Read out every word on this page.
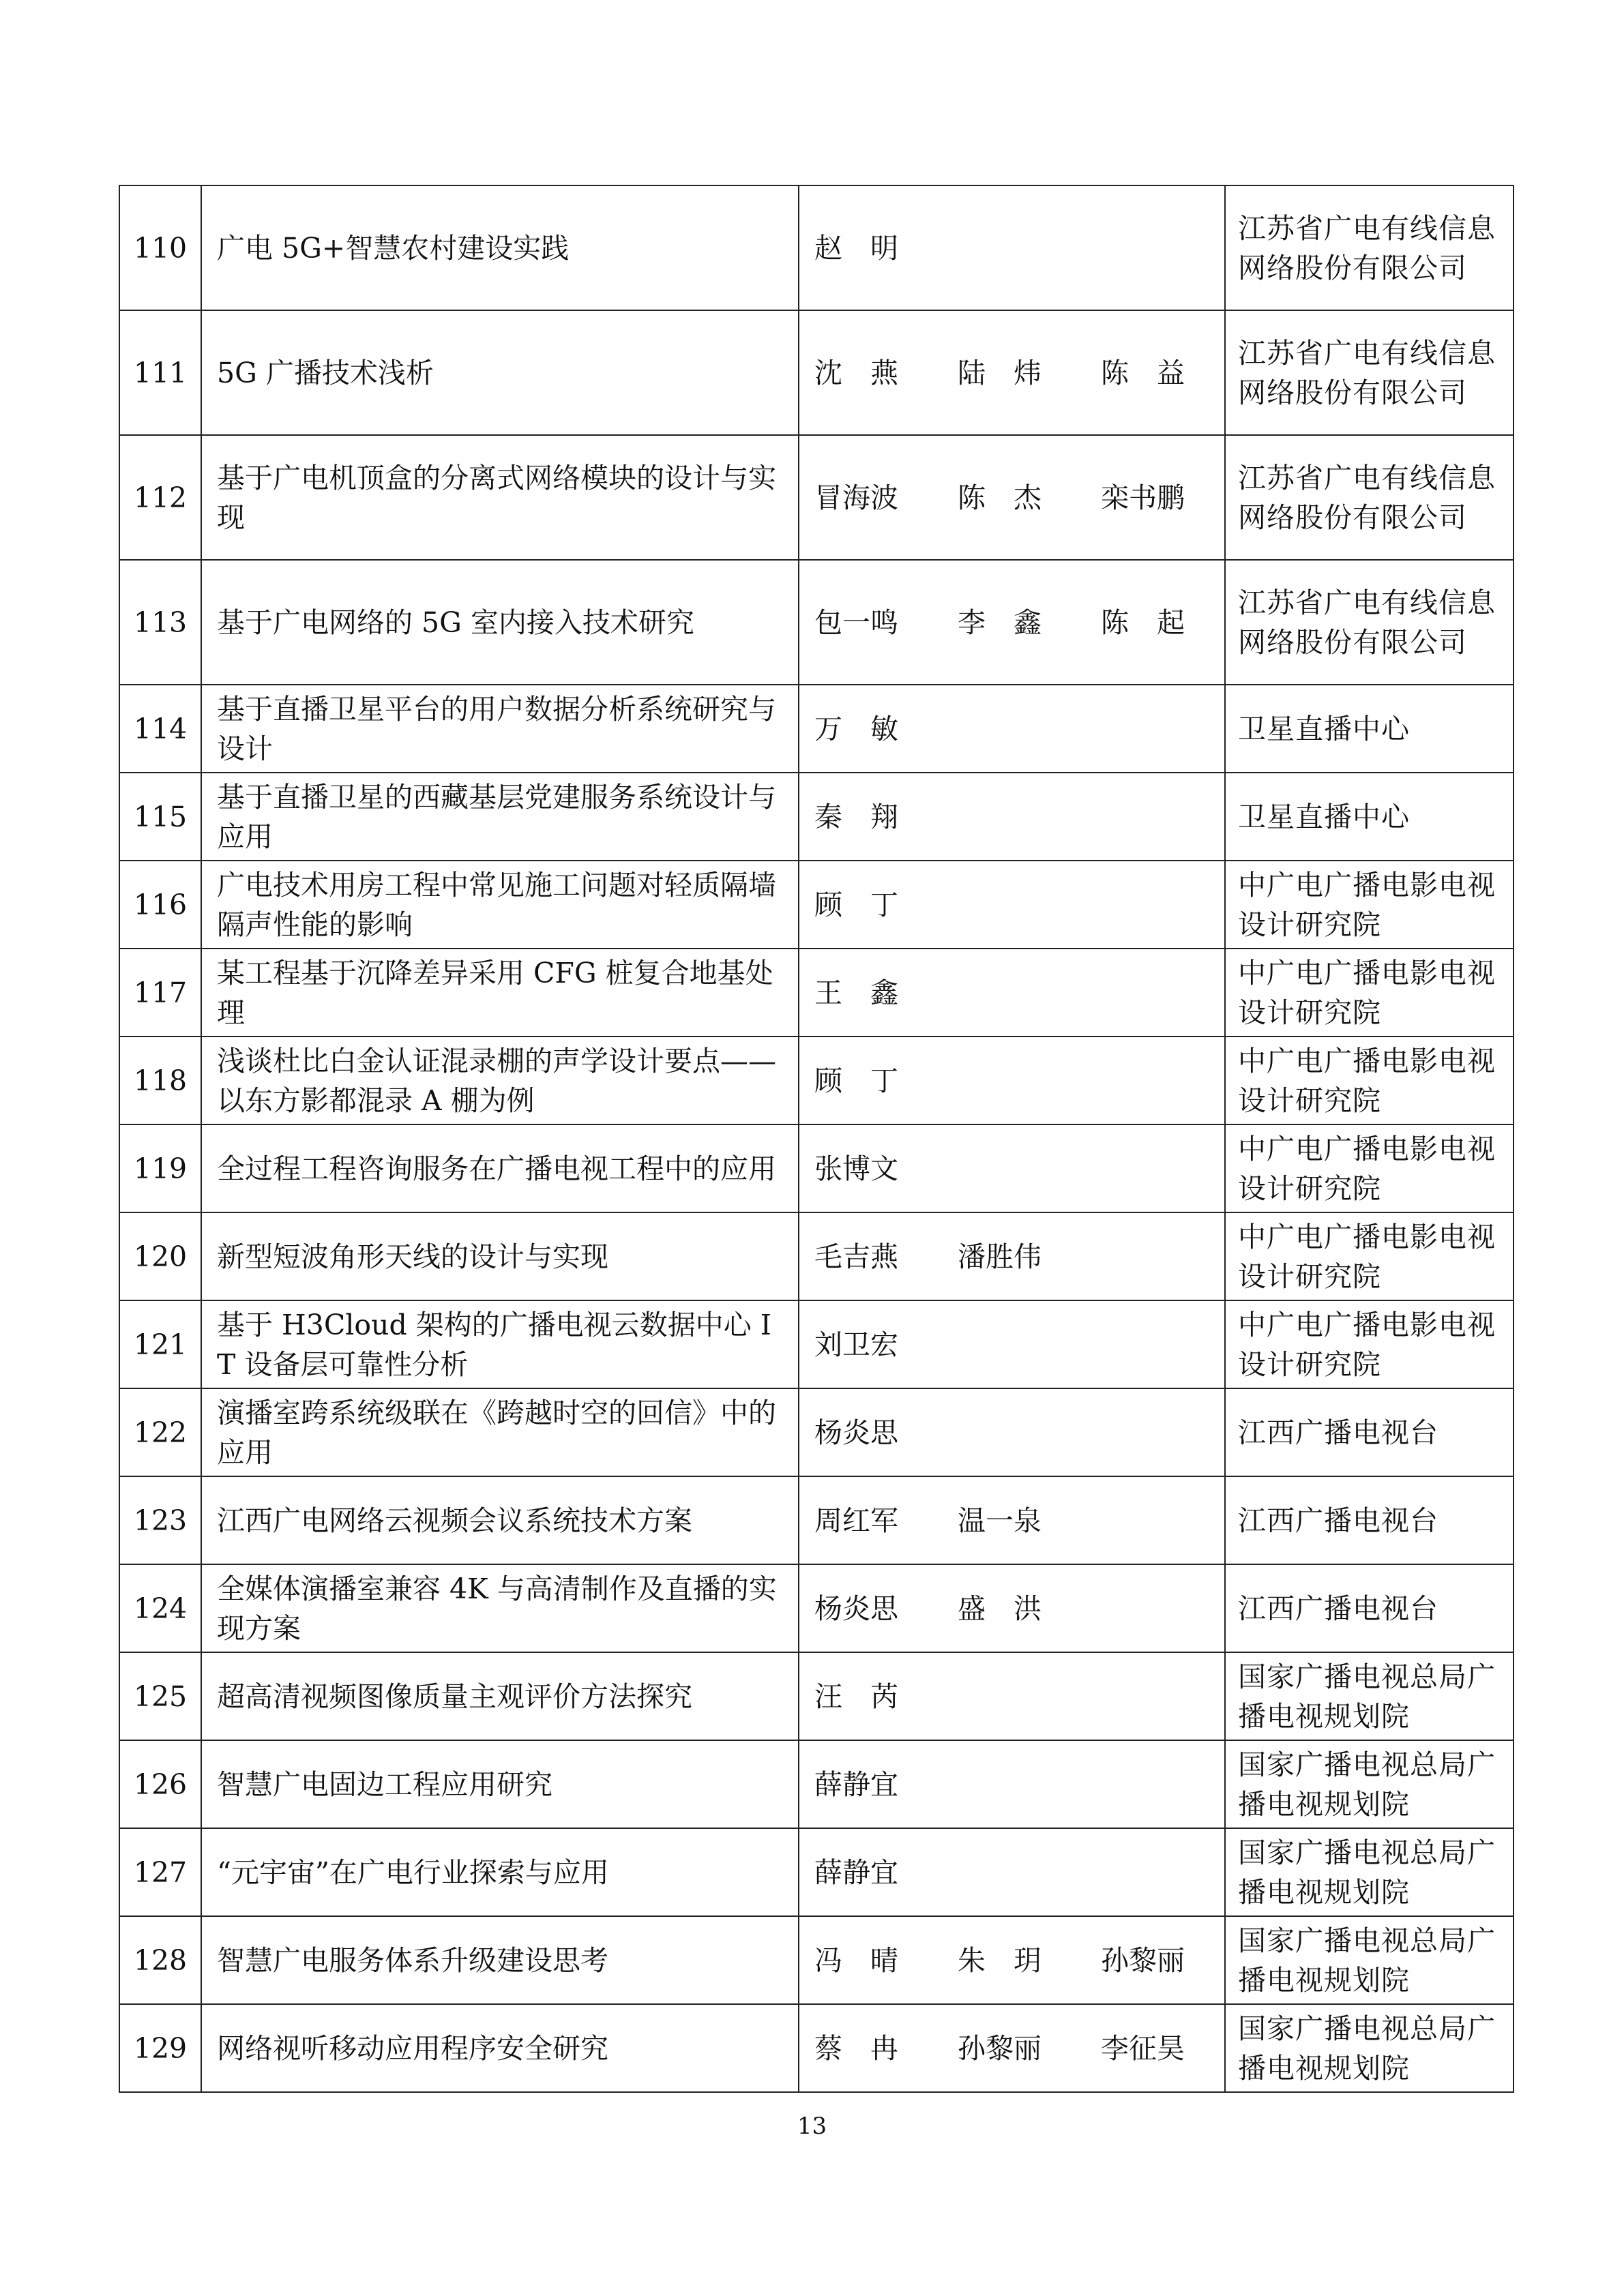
110	广电 5G+智慧农村建设实践	赵　明	江苏省广电有线信息网络股份有限公司
111	5G 广播技术浅析	沈　燕 陆　炜 陈　益	江苏省广电有线信息网络股份有限公司
112	基于广电机顶盒的分离式网络模块的设计与实现	冒海波 陈　杰 栾书鹏	江苏省广电有线信息网络股份有限公司
113	基于广电网络的 5G 室内接入技术研究	包一鸣 李　鑫 陈　起	江苏省广电有线信息网络股份有限公司
114	基于直播卫星平台的用户数据分析系统研究与设计	万　敏	卫星直播中心
115	基于直播卫星的西藏基层党建服务系统设计与应用	秦　翔	卫星直播中心
116	广电技术用房工程中常见施工问题对轻质隔墙隔声性能的影响	顾　丁	中广电广播电影电视设计研究院
117	某工程基于沉降差异采用 CFG 桩复合地基处理	王　鑫	中广电广播电影电视设计研究院
118	浅谈杜比白金认证混录棚的声学设计要点——以东方影都混录 A 棚为例	顾　丁	中广电广播电影电视设计研究院
119	全过程工程咨询服务在广播电视工程中的应用	张博文	中广电广播电影电视设计研究院
120	新型短波角形天线的设计与实现	毛吉燕 潘胜伟	中广电广播电影电视设计研究院
121	基于 H3Cloud 架构的广播电视云数据中心 IT 设备层可靠性分析	刘卫宏	中广电广播电影电视设计研究院
122	演播室跨系统级联在《跨越时空的回信》中的应用	杨炎思	江西广播电视台
123	江西广电网络云视频会议系统技术方案	周红军 温一泉	江西广播电视台
124	全媒体演播室兼容 4K 与高清制作及直播的实现方案	杨炎思 盛　洪	江西广播电视台
125	超高清视频图像质量主观评价方法探究	汪　芮	国家广播电视总局广播电视规划院
126	智慧广电固边工程应用研究	薛静宜	国家广播电视总局广播电视规划院
127	“元宇宙”在广电行业探索与应用	薛静宜	国家广播电视总局广播电视规划院
128	智慧广电服务体系升级建设思考	冯　晴 朱　玥 孙黎丽	国家广播电视总局广播电视规划院
129	网络视听移动应用程序安全研究	蔡　冉 孙黎丽 李征昊	国家广播电视总局广播电视规划院
13
